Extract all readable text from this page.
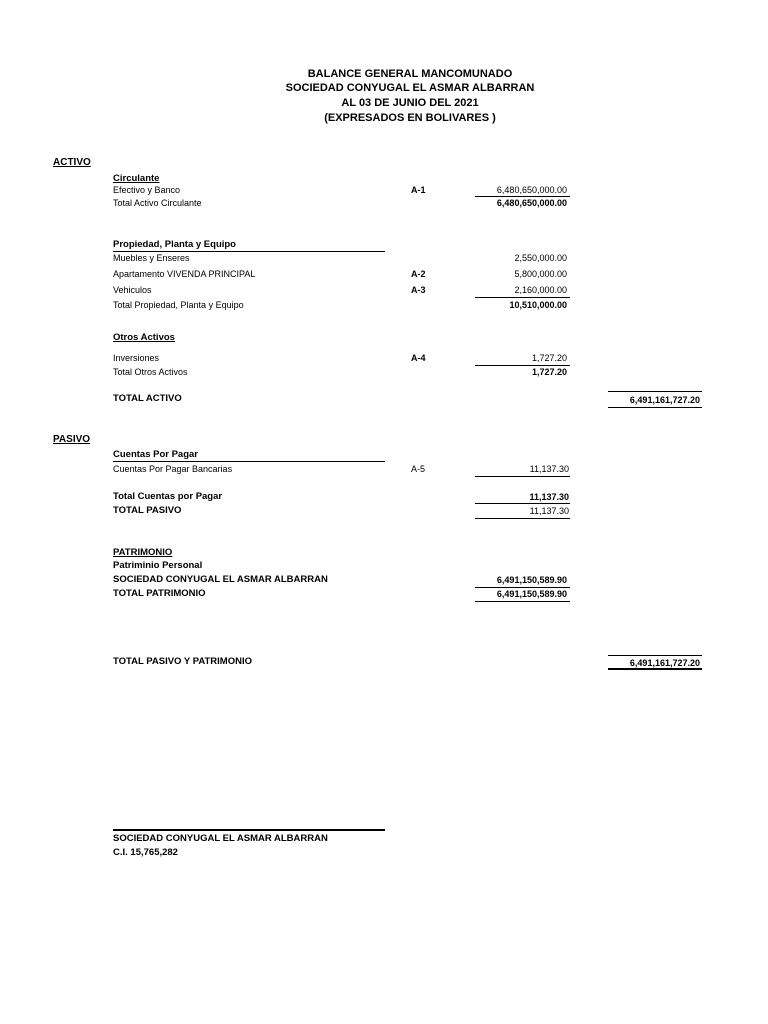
BALANCE GENERAL MANCOMUNADO
SOCIEDAD CONYUGAL EL ASMAR ALBARRAN
AL 03 DE JUNIO DEL 2021
(EXPRESADOS EN BOLIVARES )
ACTIVO
Circulante
Efectivo y Banco	A-1	6,480,650,000.00
Total Activo Circulante	6,480,650,000.00
Propiedad, Planta y Equipo
Muebles y Enseres	2,550,000.00
Apartamento VIVENDA PRINCIPAL	A-2	5,800,000.00
Vehiculos	A-3	2,160,000.00
Total Propiedad, Planta y Equipo	10,510,000.00
Otros Activos
Inversiones	A-4	1,727.20
Total Otros Activos	1,727.20
TOTAL ACTIVO	6,491,161,727.20
PASIVO
Cuentas Por Pagar
Cuentas Por Pagar Bancarias	A-5	11,137.30
Total Cuentas por Pagar	11,137.30
TOTAL PASIVO	11,137.30
PATRIMONIO
Patriminio Personal
SOCIEDAD CONYUGAL EL ASMAR ALBARRAN	6,491,150,589.90
TOTAL PATRIMONIO	6,491,150,589.90
TOTAL PASIVO Y PATRIMONIO	6,491,161,727.20
SOCIEDAD CONYUGAL EL ASMAR ALBARRAN
C.I. 15,765,282
